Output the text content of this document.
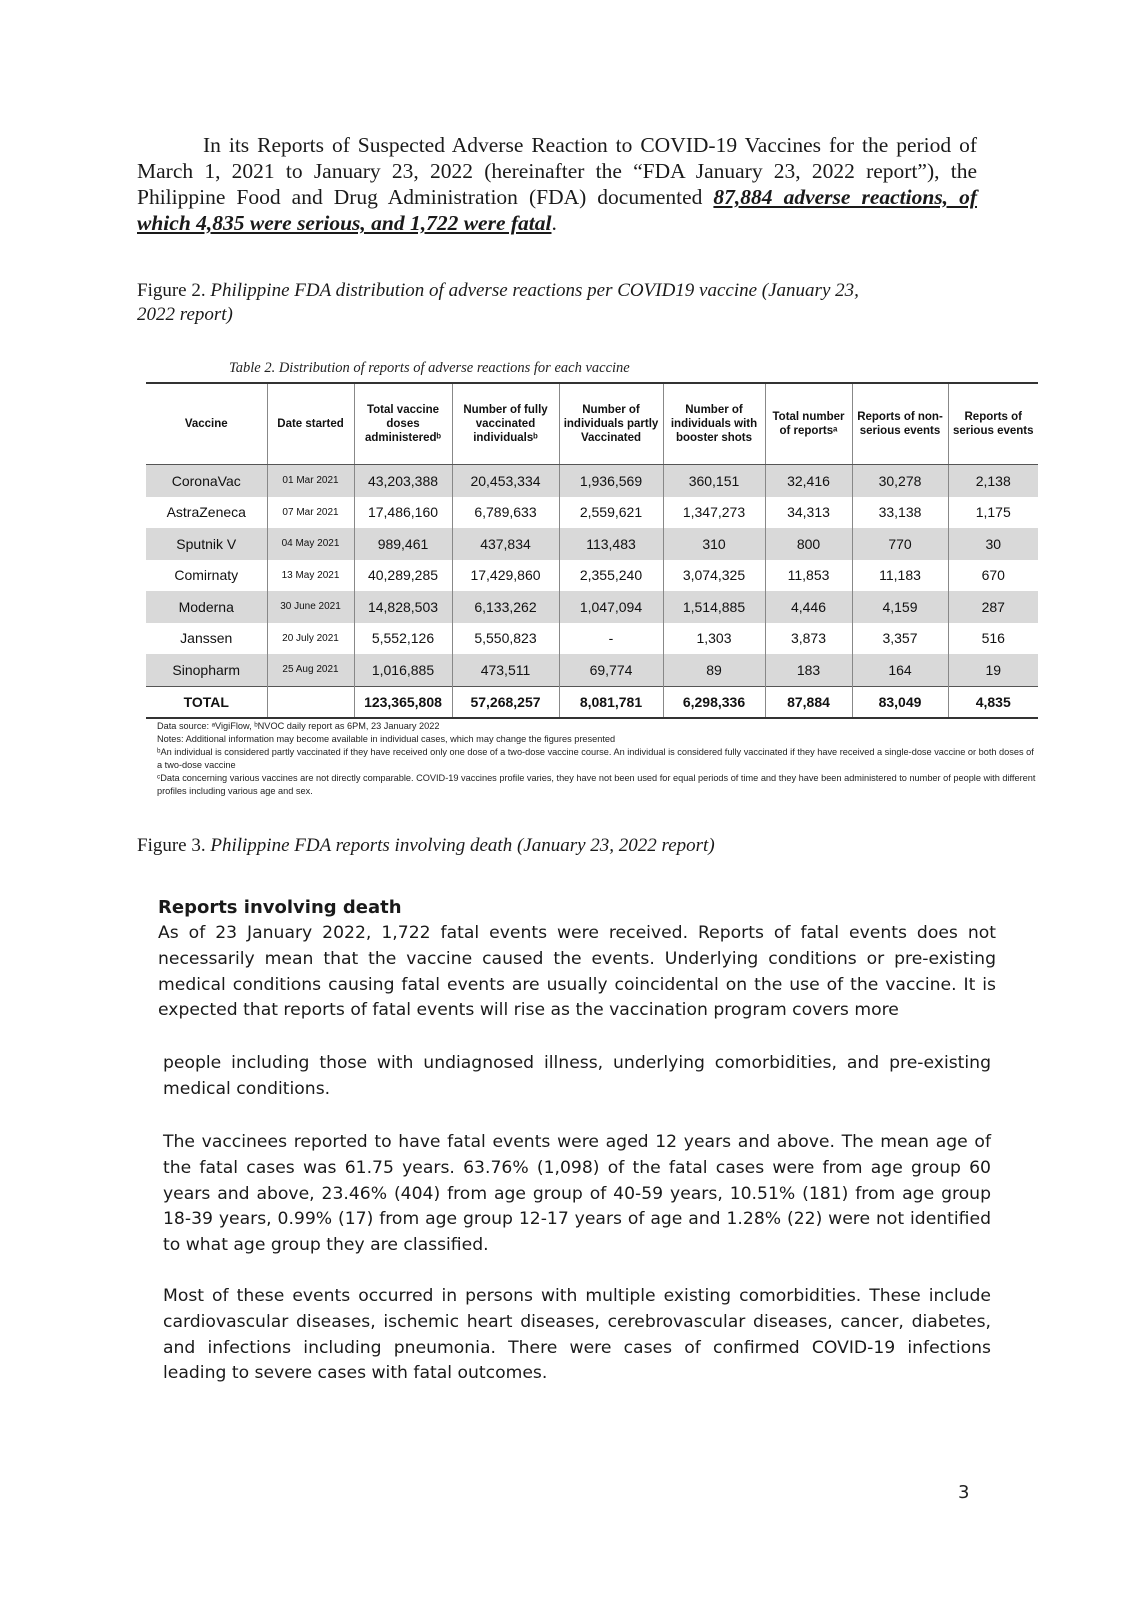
In its Reports of Suspected Adverse Reaction to COVID-19 Vaccines for the period of March 1, 2021 to January 23, 2022 (hereinafter the “FDA January 23, 2022 report”), the Philippine Food and Drug Administration (FDA) documented 87,884 adverse reactions, of which 4,835 were serious, and 1,722 were fatal.

Figure 2. Philippine FDA distribution of adverse reactions per COVID19 vaccine (January 23, 2022 report)

Table 2. Distribution of reports of adverse reactions for each vaccine
Vaccine	Date started	Total vaccine doses administeredᵇ	Number of fully vaccinated individualsᵇ	Number of individuals partly Vaccinated	Number of individuals with booster shots	Total number of reportsᵃ	Reports of non-serious events	Reports of serious events
CoronaVac	01 Mar 2021	43,203,388	20,453,334	1,936,569	360,151	32,416	30,278	2,138
AstraZeneca	07 Mar 2021	17,486,160	6,789,633	2,559,621	1,347,273	34,313	33,138	1,175
Sputnik V	04 May 2021	989,461	437,834	113,483	310	800	770	30
Comirnaty	13 May 2021	40,289,285	17,429,860	2,355,240	3,074,325	11,853	11,183	670
Moderna	30 June 2021	14,828,503	6,133,262	1,047,094	1,514,885	4,446	4,159	287
Janssen	20 July 2021	5,552,126	5,550,823	-	1,303	3,873	3,357	516
Sinopharm	25 Aug 2021	1,016,885	473,511	69,774	89	183	164	19
TOTAL		123,365,808	57,268,257	8,081,781	6,298,336	87,884	83,049	4,835

Data source: ᵃVigiFlow, ᵇNVOC daily report as 6PM, 23 January 2022

Notes: Additional information may become available in individual cases, which may change the figures presented

ᵇAn individual is considered partly vaccinated if they have received only one dose of a two-dose vaccine course. An individual is considered fully vaccinated if they have received a single-dose vaccine or both doses of a two-dose vaccine

ᶜData concerning various vaccines are not directly comparable. COVID-19 vaccines profile varies, they have not been used for equal periods of time and they have been administered to number of people with different profiles including various age and sex.

Figure 3. Philippine FDA reports involving death (January 23, 2022 report)

Reports involving death

As of 23 January 2022, 1,722 fatal events were received. Reports of fatal events does not necessarily mean that the vaccine caused the events. Underlying conditions or pre-existing medical conditions causing fatal events are usually coincidental on the use of the vaccine. It is expected that reports of fatal events will rise as the vaccination program covers more

people including those with undiagnosed illness, underlying comorbidities, and pre-existing medical conditions.

The vaccinees reported to have fatal events were aged 12 years and above. The mean age of the fatal cases was 61.75 years. 63.76% (1,098) of the fatal cases were from age group 60 years and above, 23.46% (404) from age group of 40-59 years, 10.51% (181) from age group 18-39 years, 0.99% (17) from age group 12-17 years of age and 1.28% (22) were not identified to what age group they are classified.

Most of these events occurred in persons with multiple existing comorbidities. These include cardiovascular diseases, ischemic heart diseases, cerebrovascular diseases, cancer, diabetes, and infections including pneumonia. There were cases of confirmed COVID-19 infections leading to severe cases with fatal outcomes.

3
